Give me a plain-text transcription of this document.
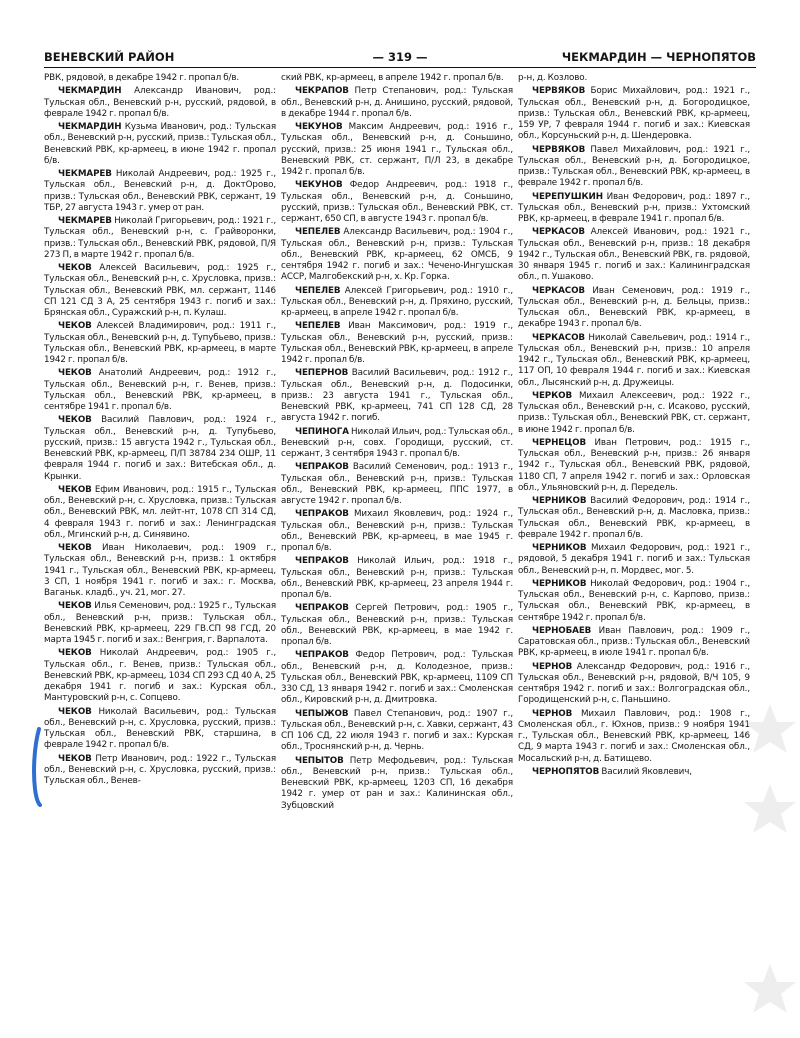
ВЕНЕВСКИЙ РАЙОН	— 319 —	ЧЕКМАРДИН — ЧЕРНОПЯТОВ

РВК, рядовой, в декабре 1942 г. пропал б/в.

ЧЕКМАРДИН Александр Иванович, род.: Тульская обл., Веневский р-н, русский, рядовой, в феврале 1942 г. пропал б/в.

ЧЕКМАРДИН Кузьма Иванович, род.: Тульская обл., Веневский р-н, русский, призв.: Тульская обл., Веневский РВК, кр-армеец, в июне 1942 г. пропал б/в.

ЧЕКМАРЕВ Николай Андреевич, род.: 1925 г., Тульская обл., Веневский р-н, д. ДоктОрово, призв.: Тульская обл., Веневский РВК, сержант, 19 ТБР, 27 августа 1943 г. умер от ран.

ЧЕКМАРЕВ Николай Григорьевич, род.: 1921 г., Тульская обл., Веневский р-н, с. Грайворонки, призв.: Тульская обл., Веневский РВК, рядовой, П/Я 273 П, в марте 1942 г. пропал б/в.

ЧЕКОВ Алексей Васильевич, род.: 1925 г., Тульская обл., Веневский р-н, с. Хрусловка, призв.: Тульская обл., Веневский РВК, мл. сержант, 1146 СП 121 СД 3 А, 25 сентября 1943 г. погиб и зах.: Брянская обл., Суражский р-н, п. Кулаш.

ЧЕКОВ Алексей Владимирович, род.: 1911 г., Тульская обл., Веневский р-н, д. Тупубьево, призв.: Тульская обл., Веневский РВК, кр-армеец, в марте 1942 г. пропал б/в.

ЧЕКОВ Анатолий Андреевич, род.: 1912 г., Тульская обл., Веневский р-н, г. Венев, призв.: Тульская обл., Веневский РВК, кр-армеец, в сентябре 1941 г. пропал б/в.

ЧЕКОВ Василий Павлович, род.: 1924 г., Тульская обл., Веневский р-н, д. Тупубьево, русский, призв.: 15 августа 1942 г., Тульская обл., Веневский РВК, кр-армеец, П/П 38784 234 ОШР, 11 февраля 1944 г. погиб и зах.: Витебская обл., д. Крынки.

ЧЕКОВ Ефим Иванович, род.: 1915 г., Тульская обл., Веневский р-н, с. Хрусловка, призв.: Тульская обл., Веневский РВК, мл. лейт-нт, 1078 СП 314 СД, 4 февраля 1943 г. погиб и зах.: Ленинградская обл., Мгинский р-н, д. Синявино.

ЧЕКОВ Иван Николаевич, род.: 1909 г., Тульская обл., Веневский р-н, призв.: 1 октября 1941 г., Тульская обл., Веневский РВК, кр-армеец, 3 СП, 1 ноября 1941 г. погиб и зах.: г. Москва, Ваганьк. кладб., уч. 21, мог. 27.

ЧЕКОВ Илья Семенович, род.: 1925 г., Тульская обл., Веневский р-н, призв.: Тульская обл., Веневский РВК, кр-армеец, 229 ГВ.СП 98 ГСД, 20 марта 1945 г. погиб и зах.: Венгрия, г. Варпалота.

ЧЕКОВ Николай Андреевич, род.: 1905 г., Тульская обл., г. Венев, призв.: Тульская обл., Веневский РВК, кр-армеец, 1034 СП 293 СД 40 А, 25 декабря 1941 г. погиб и зах.: Курская обл., Мантуровский р-н, с. Сопцево.

ЧЕКОВ Николай Васильевич, род.: Тульская обл., Веневский р-н, с. Хрусловка, русский, призв.: Тульская обл., Веневский РВК, старшина, в феврале 1942 г. пропал б/в.

ЧЕКОВ Петр Иванович, род.: 1922 г., Тульская обл., Веневский р-н, с. Хрусловка, русский, призв.: Тульская обл., Венев-

ский РВК, кр-армеец, в апреле 1942 г. пропал б/в.

ЧЕКРАПОВ Петр Степанович, род.: Тульская обл., Веневский р-н, д. Анишино, русский, рядовой, в декабре 1944 г. пропал б/в.

ЧЕКУНОВ Максим Андреевич, род.: 1916 г., Тульская обл., Веневский р-н, д. Соньшино, русский, призв.: 25 июня 1941 г., Тульская обл., Веневский РВК, ст. сержант, П/Л 23, в декабре 1942 г. пропал б/в.

ЧЕКУНОВ Федор Андреевич, род.: 1918 г., Тульская обл., Веневский р-н, д. Соньшино, русский, призв.: Тульская обл., Веневский РВК, ст. сержант, 650 СП, в августе 1943 г. пропал б/в.

ЧЕПЕЛЕВ Александр Васильевич, род.: 1904 г., Тульская обл., Веневский р-н, призв.: Тульская обл., Веневский РВК, кр-армеец, 62 ОМСБ, 9 сентября 1942 г. погиб и зах.: Чечено-Ингушская АССР, Малгобекский р-н, х. Кр. Горка.

ЧЕПЕЛЕВ Алексей Григорьевич, род.: 1910 г., Тульская обл., Веневский р-н, д. Пряхино, русский, кр-армеец, в апреле 1942 г. пропал б/в.

ЧЕПЕЛЕВ Иван Максимович, род.: 1919 г., Тульская обл., Веневский р-н, русский, призв.: Тульская обл., Веневский РВК, кр-армеец, в апреле 1942 г. пропал б/в.

ЧЕПЕРНОВ Василий Васильевич, род.: 1912 г., Тульская обл., Веневский р-н, д. Подосинки, призв.: 23 августа 1941 г., Тульская обл., Веневский РВК, кр-армеец, 741 СП 128 СД, 28 августа 1942 г. погиб.

ЧЕПИНОГА Николай Ильич, род.: Тульская обл., Веневский р-н, совх. Городищи, русский, ст. сержант, 3 сентября 1943 г. пропал б/в.

ЧЕПРАКОВ Василий Семенович, род.: 1913 г., Тульская обл., Веневский р-н, призв.: Тульская обл., Веневский РВК, кр-армеец, ППС 1977, в августе 1942 г. пропал б/в.

ЧЕПРАКОВ Михаил Яковлевич, род.: 1924 г., Тульская обл., Веневский р-н, призв.: Тульская обл., Веневский РВК, кр-армеец, в мае 1945 г. пропал б/в.

ЧЕПРАКОВ Николай Ильич, род.: 1918 г., Тульская обл., Веневский р-н, призв.: Тульская обл., Веневский РВК, кр-армеец, 23 апреля 1944 г. пропал б/в.

ЧЕПРАКОВ Сергей Петрович, род.: 1905 г., Тульская обл., Веневский р-н, призв.: Тульская обл., Веневский РВК, кр-армеец, в мае 1942 г. пропал б/в.

ЧЕПРАКОВ Федор Петрович, род.: Тульская обл., Веневский р-н, д. Колодезное, призв.: Тульская обл., Веневский РВК, кр-армеец, 1109 СП 330 СД, 13 января 1942 г. погиб и зах.: Смоленская обл., Кировский р-н, д. Дмитровка.

ЧЕПЫЖОВ Павел Степанович, род.: 1907 г., Тульская обл., Веневский р-н, с. Хавки, сержант, 43 СП 106 СД, 22 июля 1943 г. погиб и зах.: Курская обл., Троснянский р-н, д. Чернь.

ЧЕПЫТОВ Петр Мефодьевич, род.: Тульская обл., Веневский р-н, призв.: Тульская обл., Веневский РВК, кр-армеец, 1203 СП, 16 декабря 1942 г. умер от ран и зах.: Калининская обл., Зубцовский

р-н, д. Козлово.

ЧЕРВЯКОВ Борис Михайлович, род.: 1921 г., Тульская обл., Веневский р-н, д. Богородицкое, призв.: Тульская обл., Веневский РВК, кр-армеец, 159 УР, 7 февраля 1944 г. погиб и зах.: Киевская обл., Корсуньский р-н, д. Шендеровка.

ЧЕРВЯКОВ Павел Михайлович, род.: 1921 г., Тульская обл., Веневский р-н, д. Богородицкое, призв.: Тульская обл., Веневский РВК, кр-армеец, в феврале 1942 г. пропал б/в.

ЧЕРЕПУШКИН Иван Федорович, род.: 1897 г., Тульская обл., Веневский р-н, призв.: Ухтомский РВК, кр-армеец, в феврале 1941 г. пропал б/в.

ЧЕРКАСОВ Алексей Иванович, род.: 1921 г., Тульская обл., Веневский р-н, призв.: 18 декабря 1942 г., Тульская обл., Веневский РВК, гв. рядовой, 30 января 1945 г. погиб и зах.: Калининградская обл., п. Ушаково.

ЧЕРКАСОВ Иван Семенович, род.: 1919 г., Тульская обл., Веневский р-н, д. Бельцы, призв.: Тульская обл., Веневский РВК, кр-армеец, в декабре 1943 г. пропал б/в.

ЧЕРКАСОВ Николай Савельевич, род.: 1914 г., Тульская обл., Веневский р-н, призв.: 10 апреля 1942 г., Тульская обл., Веневский РВК, кр-армеец, 117 ОП, 10 февраля 1944 г. погиб и зах.: Киевская обл., Лысянский р-н, д. Дружеицы.

ЧЕРКОВ Михаил Алексеевич, род.: 1922 г., Тульская обл., Веневский р-н, с. Исаково, русский, призв.: Тульская обл., Веневский РВК, ст. сержант, в июне 1942 г. пропал б/в.

ЧЕРНЕЦОВ Иван Петрович, род.: 1915 г., Тульская обл., Веневский р-н, призв.: 26 января 1942 г., Тульская обл., Веневский РВК, рядовой, 1180 СП, 7 апреля 1942 г. погиб и зах.: Орловская обл., Ульяновский р-н, д. Передель.

ЧЕРНИКОВ Василий Федорович, род.: 1914 г., Тульская обл., Веневский р-н, д. Масловка, призв.: Тульская обл., Веневский РВК, кр-армеец, в феврале 1942 г. пропал б/в.

ЧЕРНИКОВ Михаил Федорович, род.: 1921 г., рядовой, 5 декабря 1941 г. погиб и зах.: Тульская обл., Веневский р-н, п. Мордвес, мог. 5.

ЧЕРНИКОВ Николай Федорович, род.: 1904 г., Тульская обл., Веневский р-н, с. Карпово, призв.: Тульская обл., Веневский РВК, кр-армеец, в сентябре 1942 г. пропал б/в.

ЧЕРНОБАЕВ Иван Павлович, род.: 1909 г., Саратовская обл., призв.: Тульская обл., Веневский РВК, кр-армеец, в июле 1941 г. пропал б/в.

ЧЕРНОВ Александр Федорович, род.: 1916 г., Тульская обл., Веневский р-н, рядовой, В/Ч 105, 9 сентября 1942 г. погиб и зах.: Волгоградская обл., Городищенский р-н, с. Паньшино.

ЧЕРНОВ Михаил Павлович, род.: 1908 г., Смоленская обл., г. Юхнов, призв.: 9 ноября 1941 г., Тульская обл., Веневский РВК, кр-армеец, 146 СД, 9 марта 1943 г. погиб и зах.: Смоленская обл., Мосальский р-н, д. Батищево.

ЧЕРНОПЯТОВ Василий Яковлевич,
